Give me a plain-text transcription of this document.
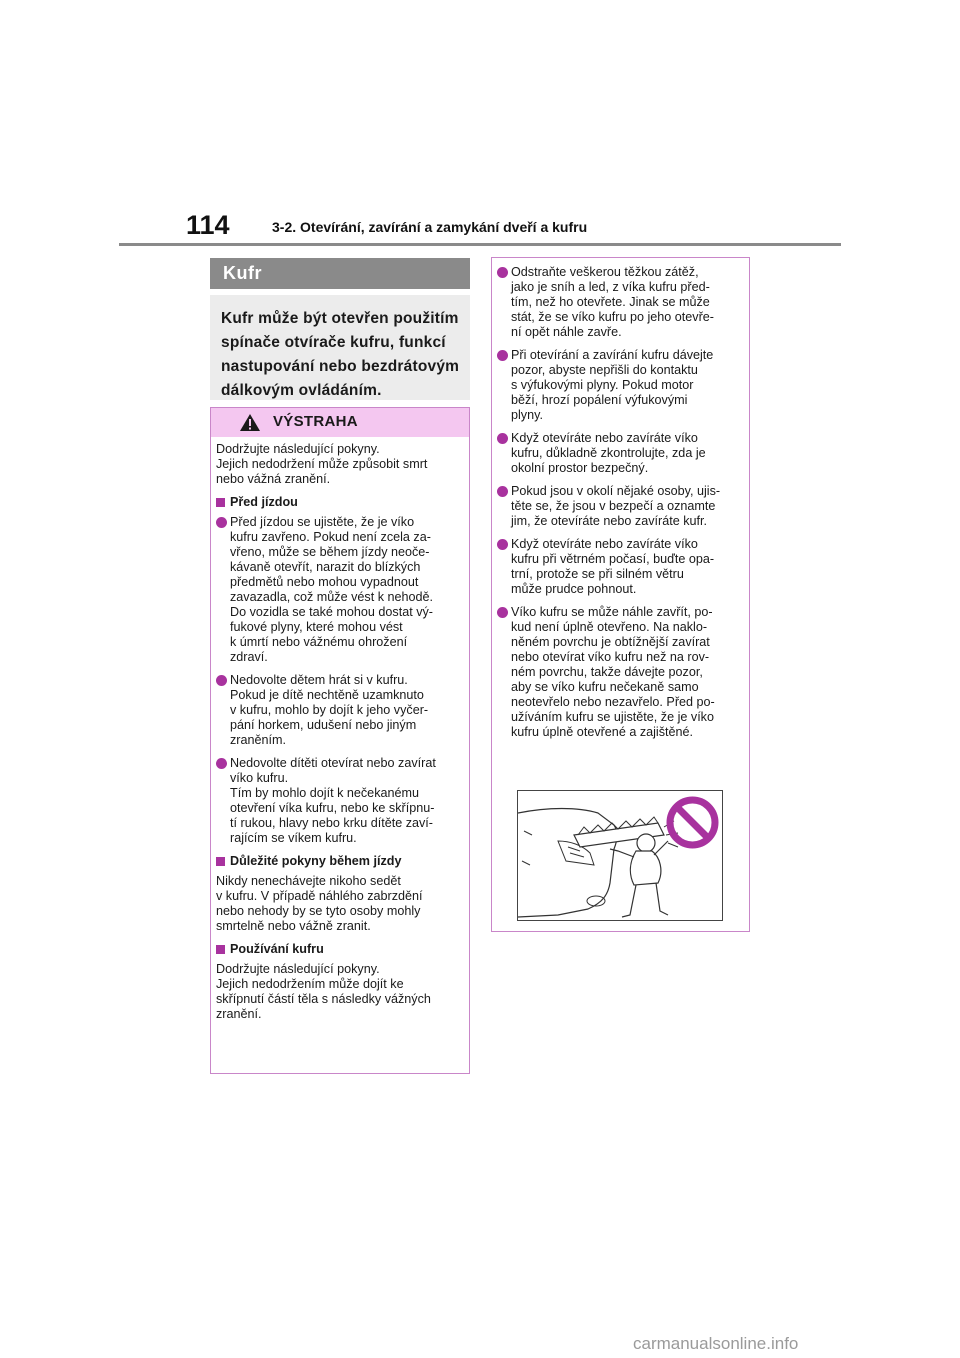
114	3-2. Otevírání, zavírání a zamykání dveří a kufru
Kufr

Kufr může být otevřen použitím spínače otvírače kufru, funkcí nastupování nebo bezdrátovým dálkovým ovládáním.

VÝSTRAHA
Dodržujte následující pokyny.
Jejich nedodržení může způsobit smrt
nebo vážná zranění.
Před jízdou
Před jízdou se ujistěte, že je víko
kufru zavřeno. Pokud není zcela za-
vřeno, může se během jízdy neoče-
kávaně otevřít, narazit do blízkých
předmětů nebo mohou vypadnout
zavazadla, což může vést k nehodě.
Do vozidla se také mohou dostat vý-
fukové plyny, které mohou vést
k úmrtí nebo vážnému ohrožení
zdraví.
Nedovolte dětem hrát si v kufru.
Pokud je dítě nechtěně uzamknuto
v kufru, mohlo by dojít k jeho vyčer-
pání horkem, udušení nebo jiným
zraněním.
Nedovolte dítěti otevírat nebo zavírat
víko kufru.
Tím by mohlo dojít k nečekanému
otevření víka kufru, nebo ke skřípnu-
tí rukou, hlavy nebo krku dítěte zaví-
rajícím se víkem kufru.
Důležité pokyny během jízdy
Nikdy nenechávejte nikoho sedět
v kufru. V případě náhlého zabrzdění
nebo nehody by se tyto osoby mohly
smrtelně nebo vážně zranit.
Používání kufru
Dodržujte následující pokyny.
Jejich nedodržením může dojít ke
skřípnutí částí těla s následky vážných
zranění.
Odstraňte veškerou těžkou zátěž,
jako je sníh a led, z víka kufru před-
tím, než ho otevřete. Jinak se může
stát, že se víko kufru po jeho otevře-
ní opět náhle zavře.
Při otevírání a zavírání kufru dávejte
pozor, abyste nepřišli do kontaktu
s výfukovými plyny. Pokud motor
běží, hrozí popálení výfukovými
plyny.
Když otevíráte nebo zavíráte víko
kufru, důkladně zkontrolujte, zda je
okolní prostor bezpečný.
Pokud jsou v okolí nějaké osoby, ujis-
těte se, že jsou v bezpečí a oznamte
jim, že otevíráte nebo zavíráte kufr.
Když otevíráte nebo zavíráte víko
kufru při větrném počasí, buďte opa-
trní, protože se při silném větru
může prudce pohnout.
Víko kufru se může náhle zavřít, po-
kud není úplně otevřeno. Na naklo-
něném povrchu je obtížnější zavírat
nebo otevírat víko kufru než na rov-
ném povrchu, takže dávejte pozor,
aby se víko kufru nečekaně samo
neotevřelo nebo nezavřelo. Před po-
užíváním kufru se ujistěte, že je víko
kufru úplně otevřené a zajištěné.
carmanualsonline.info
